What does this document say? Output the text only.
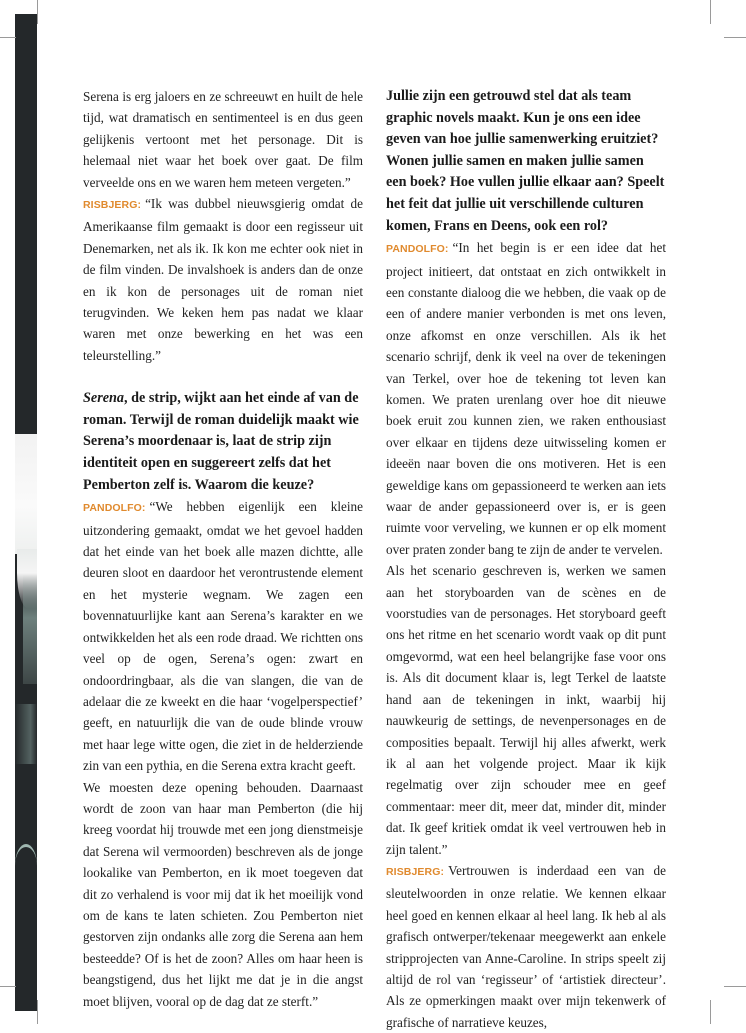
Serena is erg jaloers en ze schreeuwt en huilt de hele tijd, wat dramatisch en sentimenteel is en dus geen gelijkenis vertoont met het personage. Dit is helemaal niet waar het boek over gaat. De film verveelde ons en we waren hem meteen vergeten.”

RISBJERG: “Ik was dubbel nieuwsgierig omdat de Amerikaanse film gemaakt is door een regisseur uit Denemarken, net als ik. Ik kon me echter ook niet in de film vinden. De invalshoek is anders dan de onze en ik kon de personages uit de roman niet terugvinden. We keken hem pas nadat we klaar waren met onze bewerking en het was een teleurstelling.”

Serena, de strip, wijkt aan het einde af van de roman. Terwijl de roman duidelijk maakt wie Serena’s moordenaar is, laat de strip zijn identiteit open en suggereert zelfs dat het Pemberton zelf is. Waarom die keuze?

PANDOLFO: “We hebben eigenlijk een kleine uitzondering gemaakt, omdat we het gevoel hadden dat het einde van het boek alle mazen dichtte, alle deuren sloot en daardoor het verontrustende element en het mysterie wegnam. We zagen een bovennatuurlijke kant aan Serena’s karakter en we ontwikkelden het als een rode draad. We richtten ons veel op de ogen, Serena’s ogen: zwart en ondoordringbaar, als die van slangen, die van de adelaar die ze kweekt en die haar ‘vogelperspectief’ geeft, en natuurlijk die van de oude blinde vrouw met haar lege witte ogen, die ziet in de helderziende zin van een pythia, en die Serena extra kracht geeft.

We moesten deze opening behouden. Daarnaast wordt de zoon van haar man Pemberton (die hij kreeg voordat hij trouwde met een jong dienstmeisje dat Serena wil vermoorden) beschreven als de jonge lookalike van Pemberton, en ik moet toegeven dat dit zo verhalend is voor mij dat ik het moeilijk vond om de kans te laten schieten. Zou Pemberton niet gestorven zijn ondanks alle zorg die Serena aan hem besteedde? Of is het de zoon? Alles om haar heen is beangstigend, dus het lijkt me dat je in die angst moet blijven, vooral op de dag dat ze sterft.”

Jullie zijn een getrouwd stel dat als team graphic novels maakt. Kun je ons een idee geven van hoe jullie samenwerking eruitziet? Wonen jullie samen en maken jullie samen een boek? Hoe vullen jullie elkaar aan? Speelt het feit dat jullie uit verschillende culturen komen, Frans en Deens, ook een rol?

PANDOLFO: “In het begin is er een idee dat het project initieert, dat ontstaat en zich ontwikkelt in een constante dialoog die we hebben, die vaak op de een of andere manier verbonden is met ons leven, onze afkomst en onze verschillen. Als ik het scenario schrijf, denk ik veel na over de tekeningen van Terkel, over hoe de tekening tot leven kan komen. We praten urenlang over hoe dit nieuwe boek eruit zou kunnen zien, we raken enthousiast over elkaar en tijdens deze uitwisseling komen er ideeën naar boven die ons motiveren. Het is een geweldige kans om gepassioneerd te werken aan iets waar de ander gepassioneerd over is, er is geen ruimte voor verveling, we kunnen er op elk moment over praten zonder bang te zijn de ander te vervelen.

Als het scenario geschreven is, werken we samen aan het storyboarden van de scènes en de voorstudies van de personages. Het storyboard geeft ons het ritme en het scenario wordt vaak op dit punt omgevormd, wat een heel belangrijke fase voor ons is. Als dit document klaar is, legt Terkel de laatste hand aan de tekeningen in inkt, waarbij hij nauwkeurig de settings, de nevenpersonages en de composities bepaalt. Terwijl hij alles afwerkt, werk ik al aan het volgende project. Maar ik kijk regelmatig over zijn schouder mee en geef commentaar: meer dit, meer dat, minder dit, minder dat. Ik geef kritiek omdat ik veel vertrouwen heb in zijn talent.”

RISBJERG: Vertrouwen is inderdaad een van de sleutelwoorden in onze relatie. We kennen elkaar heel goed en kennen elkaar al heel lang. Ik heb al als grafisch ontwerper/tekenaar meegewerkt aan enkele stripprojecten van Anne-Caroline. In strips speelt zij altijd de rol van ‘regisseur’ of ‘artistiek directeur’. Als ze opmerkingen maakt over mijn tekenwerk of grafische of narratieve keuzes,
